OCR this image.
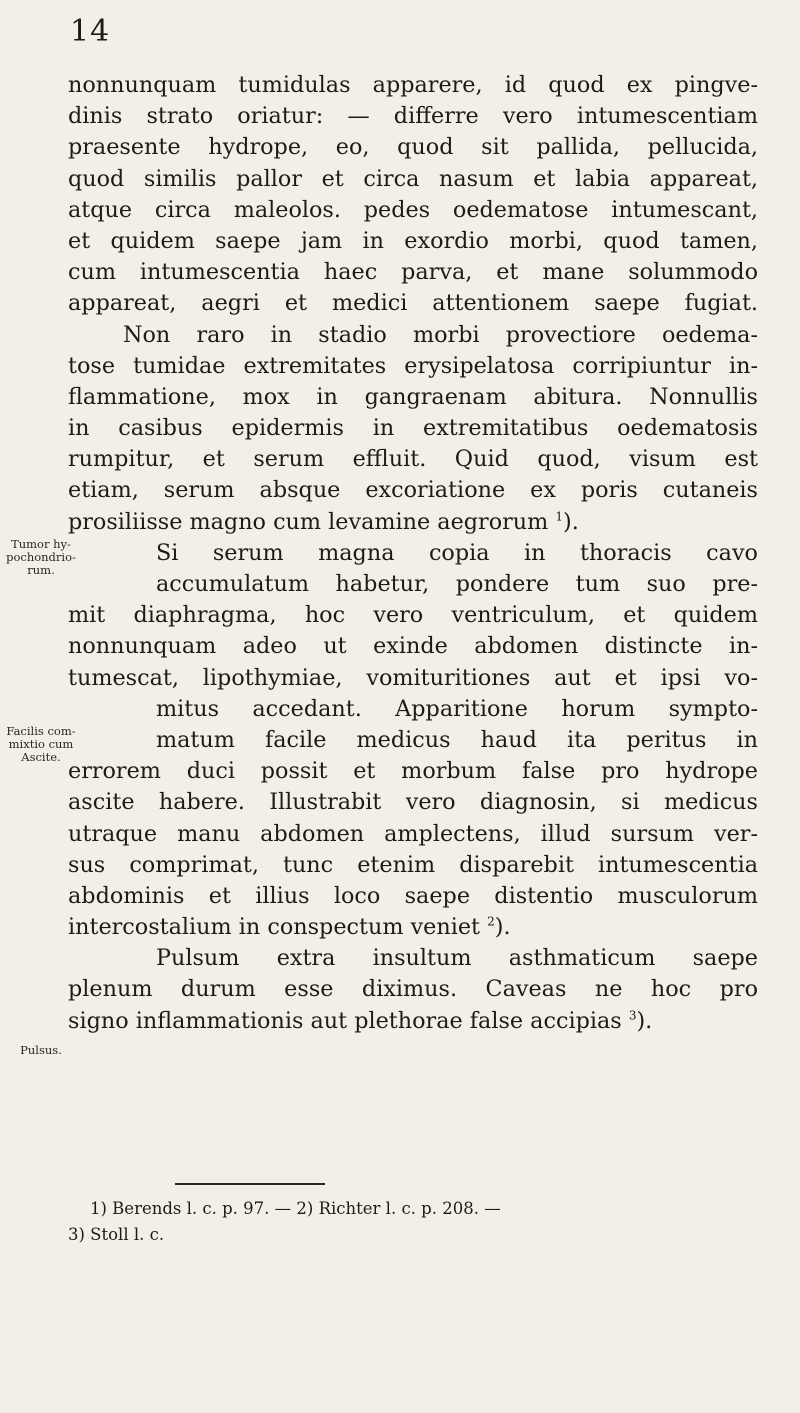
14
nonnunquam tumidulas apparere, id quod ex pingve-
dinis strato oriatur: — differre vero intumescentiam
praesente hydrope, eo, quod sit pallida, pellucida,
quod similis pallor et circa nasum et labia appareat,
atque circa maleolos. pedes oedematose intumescant,
et quidem saepe jam in exordio morbi, quod tamen,
cum intumescentia haec parva, et mane solummodo
appareat, aegri et medici attentionem saepe fugiat.
Non raro in stadio morbi provectiore oedema-
tose tumidae extremitates erysipelatosa corripiuntur in-
flammatione, mox in gangraenam abitura. Nonnullis
in casibus epidermis in extremitatibus oedematosis
rumpitur, et serum effluit. Quid quod, visum est
etiam, serum absque excoriatione ex poris cutaneis
prosiliisse magno cum levamine aegrorum $^1$).
Si serum magna copia in thoracis cavo
accumulatum habetur, pondere tum suo pre-
mit diaphragma, hoc vero ventriculum, et quidem
nonnunquam adeo ut exinde abdomen distincte in-
tumescat, lipothymiae, vomituritiones aut et ipsi vo-
mitus accedant. Apparitione horum sympto-
matum facile medicus haud ita peritus in
errorem duci possit et morbum false pro hydrope
ascite habere. Illustrabit vero diagnosin, si medicus
utraque manu abdomen amplectens, illud sursum ver-
sus comprimat, tunc etenim disparebit intumescentia
abdominis et illius loco saepe distentio musculorum
intercostalium in conspectum veniet $^2$).
Pulsum extra insultum asthmaticum saepe
plenum durum esse diximus. Caveas ne hoc pro
signo inflammationis aut plethorae false accipias $^3$).
Tumor hy-
pochondrio-
rum.
Facilis com-
mixtio cum
Ascite.
Pulsus.
1) Berends l. c. p. 97. — 2) Richter l. c. p. 208. —
3) Stoll l. c.
